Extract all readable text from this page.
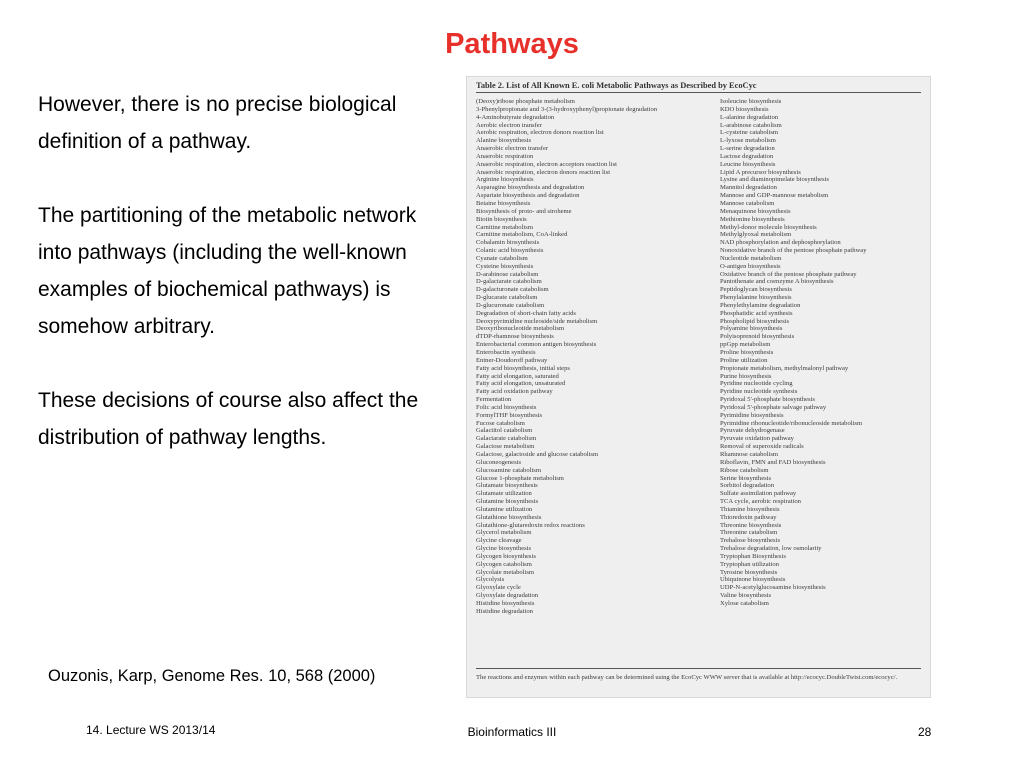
Pathways

However, there is no precise biological definition of a pathway.

The partitioning of the metabolic network into pathways (including the well-known examples of biochemical pathways) is somehow arbitrary.

These decisions of course also affect the distribution of pathway lengths.

Table 2. List of All Known E. coli Metabolic Pathways as Described by EcoCyc
(Deoxy)ribose phosphate metabolism
3-Phenylpropionate and 3-(3-hydroxyphenyl)propionate degradation
4-Aminobutyrate degradation
Aerobic electron transfer
Aerobic respiration, electron donors reaction list
Alanine biosynthesis
Anaerobic electron transfer
Anaerobic respiration
Anaerobic respiration, electron acceptors reaction list
Anaerobic respiration, electron donors reaction list
Arginine biosynthesis
Asparagine biosynthesis and degradation
Aspartate biosynthesis and degradation
Betaine biosynthesis
Biosynthesis of proto- and siroheme
Biotin biosynthesis
Carnitine metabolism
Carnitine metabolism, CoA-linked
Cobalamin biosynthesis
Colanic acid biosynthesis
Cyanate catabolism
Cysteine biosynthesis
D-arabinose catabolism
D-galactarate catabolism
D-galacturonate catabolism
D-glucarate catabolism
D-glucuronate catabolism
Degradation of short-chain fatty acids
Deoxypyrimidine nucleoside/side metabolism
Deoxyribonucleotide metabolism
dTDP-rhamnose biosynthesis
Enterobacterial common antigen biosynthesis
Enterobactin synthesis
Entner-Doudoroff pathway
Fatty acid biosynthesis, initial steps
Fatty acid elongation, saturated
Fatty acid elongation, unsaturated
Fatty acid oxidation pathway
Fermentation
Folic acid biosynthesis
FormylTHF biosynthesis
Fucose catabolism
Galactitol catabolism
Galactarate catabolism
Galactose metabolism
Galactose, galactoside and glucose catabolism
Gluconeogenesis
Glucosamine catabolism
Glucose 1-phosphate metabolism
Glutamate biosynthesis
Glutamate utilization
Glutamine biosynthesis
Glutamine utilization
Glutathione biosynthesis
Glutathione-glutaredoxin redox reactions
Glycerol metabolism
Glycine cleavage
Glycine biosynthesis
Glycogen biosynthesis
Glycogen catabolism
Glycolate metabolism
Glycolysis
Glyoxylate cycle
Glyoxylate degradation
Histidine biosynthesis
Histidine degradation
Isoleucine biosynthesis
KDO biosynthesis
L-alanine degradation
L-arabinose catabolism
L-cysteine catabolism
L-lyxose metabolism
L-serine degradation
Lactose degradation
Leucine biosynthesis
Lipid A precursor biosynthesis
Lysine and diaminopimelate biosynthesis
Mannitol degradation
Mannose and GDP-mannose metabolism
Mannose catabolism
Menaquinone biosynthesis
Methionine biosynthesis
Methyl-donor molecule biosynthesis
Methylglyoxal metabolism
NAD phosphorylation and dephosphorylation
Nonoxidative branch of the pentose phosphate pathway
Nucleotide metabolism
O-antigen biosynthesis
Oxidative branch of the pentose phosphate pathway
Pantothenate and coenzyme A biosynthesis
Peptidoglycan biosynthesis
Phenylalanine biosynthesis
Phenylethylamine degradation
Phosphatidic acid synthesis
Phospholipid biosynthesis
Polyamine biosynthesis
Polyisoprenoid biosynthesis
ppGpp metabolism
Proline biosynthesis
Proline utilization
Propionate metabolism, methylmalonyl pathway
Purine biosynthesis
Pyridine nucleotide cycling
Pyridine nucleotide synthesis
Pyridoxal 5'-phosphate biosynthesis
Pyridoxal 5'-phosphate salvage pathway
Pyrimidine biosynthesis
Pyrimidine ribonucleotide/ribonucleoside metabolism
Pyruvate dehydrogenase
Pyruvate oxidation pathway
Removal of superoxide radicals
Rhamnose catabolism
Riboflavin, FMN and FAD biosynthesis
Ribose catabolism
Serine biosynthesis
Sorbitol degradation
Sulfate assimilation pathway
TCA cycle, aerobic respiration
Thiamine biosynthesis
Thioredoxin pathway
Threonine biosynthesis
Threonine catabolism
Trehalose biosynthesis
Trehalose degradation, low osmolarity
Tryptophan Biosynthesis
Tryptophan utilization
Tyrosine biosynthesis
Ubiquinone biosynthesis
UDP-N-acetylglucosamine biosynthesis
Valine biosynthesis
Xylose catabolism
The reactions and enzymes within each pathway can be determined using the EcoCyc WWW server that is available at http://ecocyc.DoubleTwist.com/ecocyc/.
Ouzonis, Karp, Genome Res. 10, 568 (2000)
14. Lecture WS 2013/14	Bioinformatics III	28
